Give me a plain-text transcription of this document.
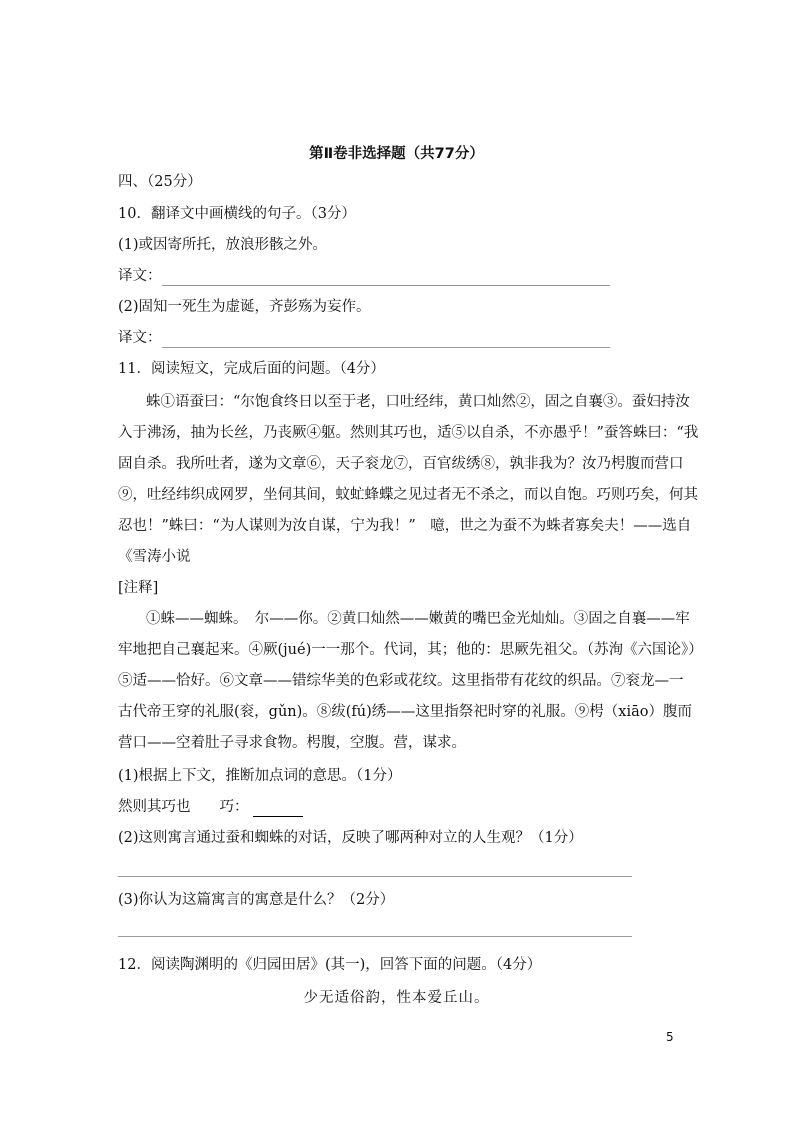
第Ⅱ卷非选择题（共77分）
四、（25分）
10．翻译文中画横线的句子。（3分）
(1)或因寄所托，放浪形骸之外。
译文：
(2)固知一死生为虚诞，齐彭殇为妄作。
译文：
11．阅读短文，完成后面的问题。（4分）
蛛①语蚕曰：“尔饱食终日以至于老，口吐经纬，黄口灿然②，固之自襄③。蚕妇持汝
入于沸汤，抽为长丝，乃丧厥④躯。然则其巧也，适⑤以自杀，不亦愚乎！”蚕答蛛曰：“我
固自杀。我所吐者，遂为文章⑥，天子衮龙⑦，百官绂绣⑧，孰非我为？汝乃枵腹而营口
⑨，吐经纬织成网罗，坐伺其间，蚊虻蜂蝶之见过者无不杀之，而以自饱。巧则巧矣，何其
忍也！”蛛曰：“为人谋则为汝自谋，宁为我！”　噫，世之为蚕不为蛛者寡矣夫！——选自
《雪涛小说
[注释]
①蛛——蜘蛛。　尔——你。②黄口灿然——嫩黄的嘴巴金光灿灿。③固之自襄——牢
牢地把自己襄起来。④厥(jué)一一那个。代词，其；他的：思厥先祖父。（苏洵《六国论》）
⑤适——恰好。⑥文章——错综华美的色彩或花纹。这里指带有花纹的织品。⑦衮龙—一
古代帝王穿的礼服(衮，gǔn)。⑧绂(fú)绣——这里指祭祀时穿的礼服。⑨枵（xiāo）腹而
营口——空着肚子寻求食物。枵腹，空腹。营，谋求。
(1)根据上下文，推断加点词的意思。（1分）
然则其巧也　　巧：
(2)这则寓言通过蚕和蜘蛛的对话，反映了哪两种对立的人生观？（1分）
(3)你认为这篇寓言的寓意是什么？（2分）
12．阅读陶渊明的《归园田居》(其一)，回答下面的问题。（4分）
少无适俗韵，性本爱丘山。
5
